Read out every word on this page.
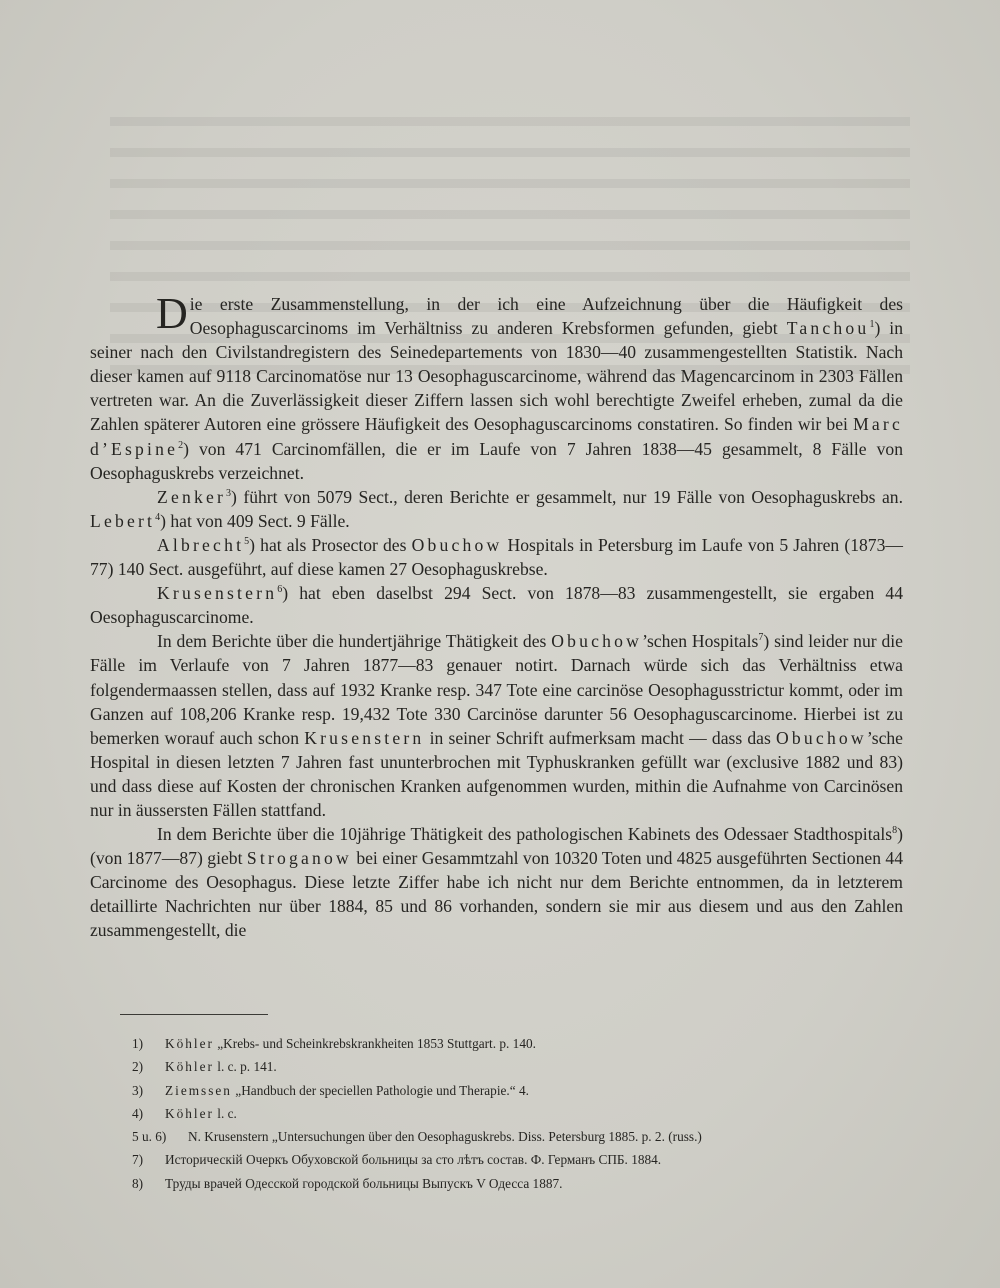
Die erste Zusammenstellung, in der ich eine Aufzeichnung über die Häufigkeit des Oesophaguscarcinoms im Verhältniss zu anderen Krebsformen gefunden, giebt Tanchou$^1$) in seiner nach den Civilstandregistern des Seinedepartements von 1830—40 zusammengestellten Statistik. Nach dieser kamen auf 9118 Carcinomatöse nur 13 Oesophaguscarcinome, während das Magencarcinom in 2303 Fällen vertreten war. An die Zuverlässigkeit dieser Ziffern lassen sich wohl berechtigte Zweifel erheben, zumal da die Zahlen späterer Autoren eine grössere Häufigkeit des Oesophaguscarcinoms constatiren. So finden wir bei Marc d’Espine$^2$) von 471 Carcinomfällen, die er im Laufe von 7 Jahren 1838—45 gesammelt, 8 Fälle von Oesophaguskrebs verzeichnet.

Zenker$^3$) führt von 5079 Sect., deren Berichte er gesammelt, nur 19 Fälle von Oesophaguskrebs an. Lebert$^4$) hat von 409 Sect. 9 Fälle.

Albrecht$^5$) hat als Prosector des Obuchow Hospitals in Petersburg im Laufe von 5 Jahren (1873—77) 140 Sect. ausgeführt, auf diese kamen 27 Oesophaguskrebse.

Krusenstern$^6$) hat eben daselbst 294 Sect. von 1878—83 zusammengestellt, sie ergaben 44 Oesophaguscarcinome.

In dem Berichte über die hundertjährige Thätigkeit des Obuchow’schen Hospitals$^7$) sind leider nur die Fälle im Verlaufe von 7 Jahren 1877—83 genauer notirt. Darnach würde sich das Verhältniss etwa folgendermaassen stellen, dass auf 1932 Kranke resp. 347 Tote eine carcinöse Oesophagusstrictur kommt, oder im Ganzen auf 108,206 Kranke resp. 19,432 Tote 330 Carcinöse darunter 56 Oesophaguscarcinome. Hierbei ist zu bemerken worauf auch schon Krusenstern in seiner Schrift aufmerksam macht — dass das Obuchow’sche Hospital in diesen letzten 7 Jahren fast ununterbrochen mit Typhuskranken gefüllt war (exclusive 1882 und 83) und dass diese auf Kosten der chronischen Kranken aufgenommen wurden, mithin die Aufnahme von Carcinösen nur in äussersten Fällen stattfand.

In dem Berichte über die 10jährige Thätigkeit des pathologischen Kabinets des Odessaer Stadthospitals$^8$) (von 1877—87) giebt Stroganow bei einer Gesammtzahl von 10320 Toten und 4825 ausgeführten Sectionen 44 Carcinome des Oesophagus. Diese letzte Ziffer habe ich nicht nur dem Berichte entnommen, da in letzterem detaillirte Nachrichten nur über 1884, 85 und 86 vorhanden, sondern sie mir aus diesem und aus den Zahlen zusammengestellt, die

1) Köhler „Krebs- und Scheinkrebskrankheiten 1853 Stuttgart. p. 140.
2) Köhler l. c. p. 141.
3) Ziemssen „Handbuch der speciellen Pathologie und Therapie.“ 4.
4) Köhler l. c.
5 u. 6) N. Krusenstern „Untersuchungen über den Oesophaguskrebs. Diss. Petersburg 1885. p. 2. (russ.)
7) Историческiй Очеркъ Обуховской больницы за сто лѣтъ состав. Ф. Германъ СПБ. 1884.
8) Труды врачей Одесской городской больницы Выпускъ V Одесса 1887.
